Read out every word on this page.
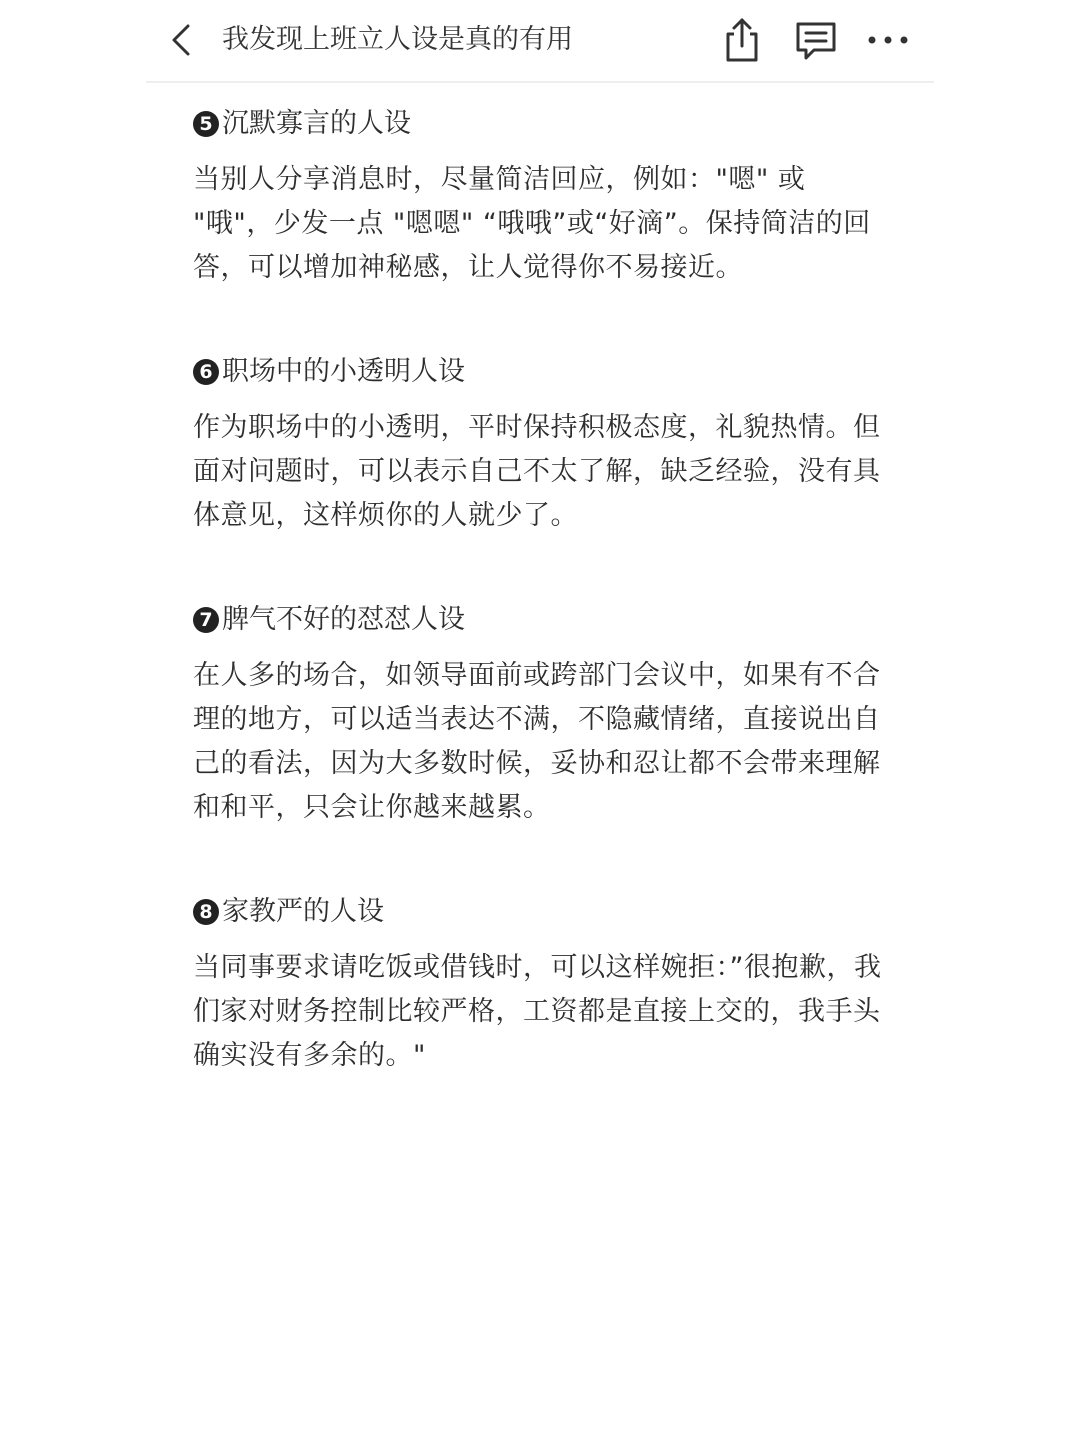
我发现上班立人设是真的有用
5 沉默寡言的人设
当别人分享消息时，尽量简洁回应，例如："嗯" 或 "哦"，少发一点 "嗯嗯" “哦哦”或“好滴”。保持简洁的回答，可以增加神秘感，让人觉得你不易接近。
6 职场中的小透明人设
作为职场中的小透明，平时保持积极态度，礼貌热情。但面对问题时，可以表示自己不太了解，缺乏经验，没有具体意见，这样烦你的人就少了。
7 脾气不好的怼怼人设
在人多的场合，如领导面前或跨部门会议中，如果有不合理的地方，可以适当表达不满，不隐藏情绪，直接说出自己的看法，因为大多数时候，妥协和忍让都不会带来理解和和平，只会让你越来越累。
8 家教严的人设
当同事要求请吃饭或借钱时，可以这样婉拒：”很抱歉，我们家对财务控制比较严格，工资都是直接上交的，我手头确实没有多余的。"
